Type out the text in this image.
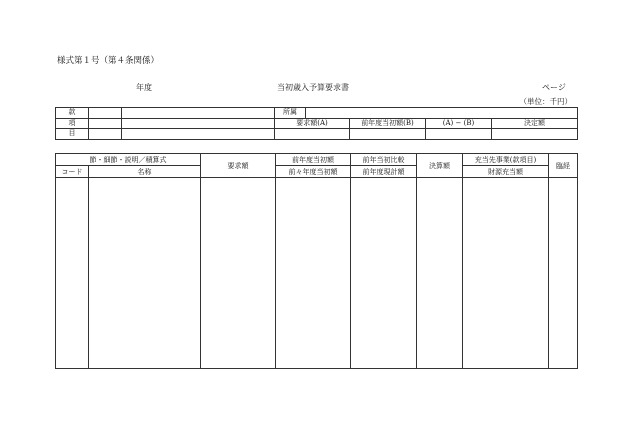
様式第１号（第４条関係）
年度	当初歳入予算要求書	ページ
（単位：千円）
款			所属				
項			要求額(A)		前年度当初額(B)	(A) − (B)	決定額
目							
節・細節・説明／積算式		要求額	前年度当初額	前年当初比較	決算額	充当先事業(款項目)	臨経
コード	名称		前々年度当初額	前年度現計額		財源充当額	
